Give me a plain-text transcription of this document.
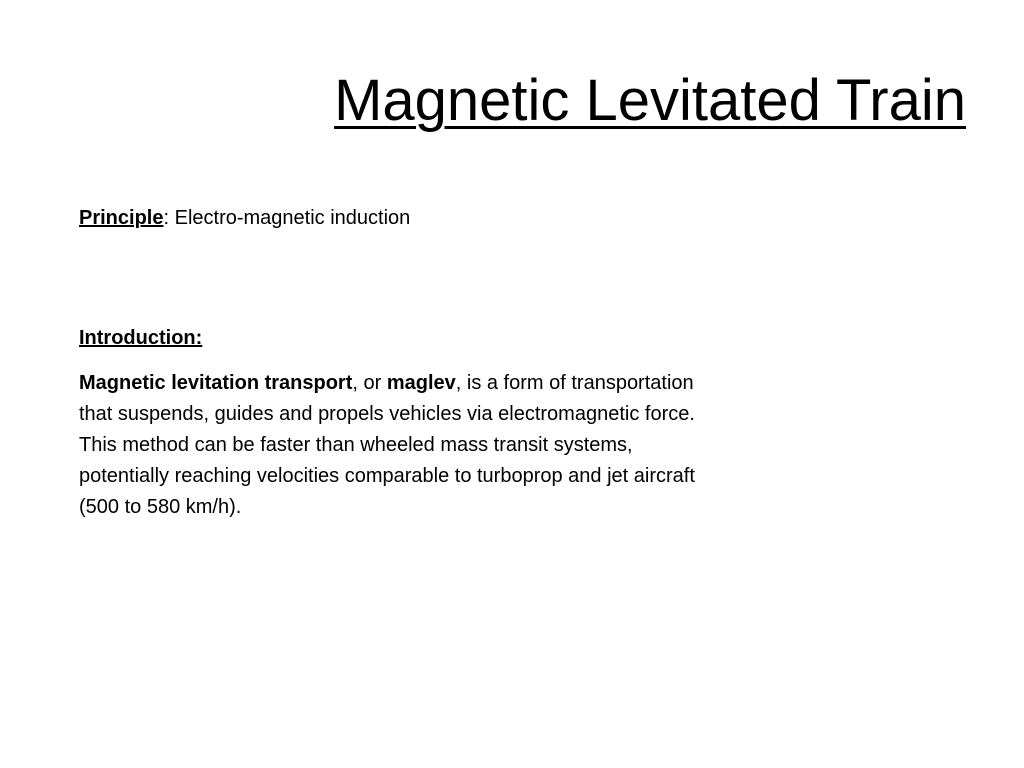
Magnetic Levitated Train

Principle: Electro-magnetic induction

Introduction:

Magnetic levitation transport, or maglev, is a form of transportation
that suspends, guides and propels vehicles via electromagnetic force.
This method can be faster than wheeled mass transit systems,
potentially reaching velocities comparable to turboprop and jet aircraft
(500 to 580 km/h).
